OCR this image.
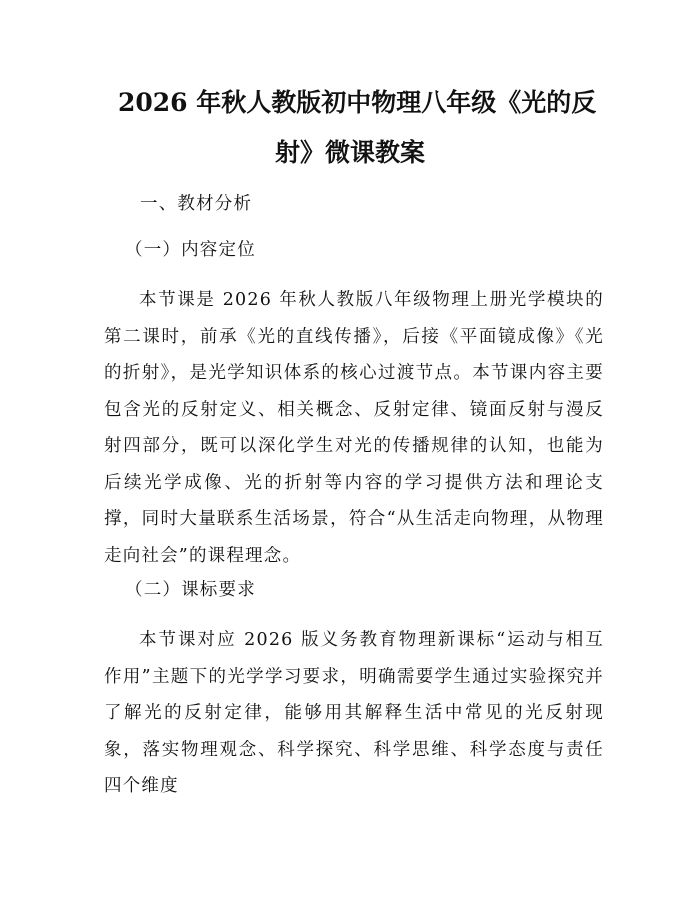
2026 年秋人教版初中物理八年级《光的反
射》微课教案

一、教材分析

（一）内容定位

本节课是 2026 年秋人教版八年级物理上册光学模块的第二课时，前承《光的直线传播》，后接《平面镜成像》《光的折射》，是光学知识体系的核心过渡节点。本节课内容主要包含光的反射定义、相关概念、反射定律、镜面反射与漫反射四部分，既可以深化学生对光的传播规律的认知，也能为后续光学成像、光的折射等内容的学习提供方法和理论支撑，同时大量联系生活场景，符合“从生活走向物理，从物理走向社会”的课程理念。

（二）课标要求

本节课对应 2026 版义务教育物理新课标“运动与相互作用”主题下的光学学习要求，明确需要学生通过实验探究并了解光的反射定律，能够用其解释生活中常见的光反射现象，落实物理观念、科学探究、科学思维、科学态度与责任四个维度
